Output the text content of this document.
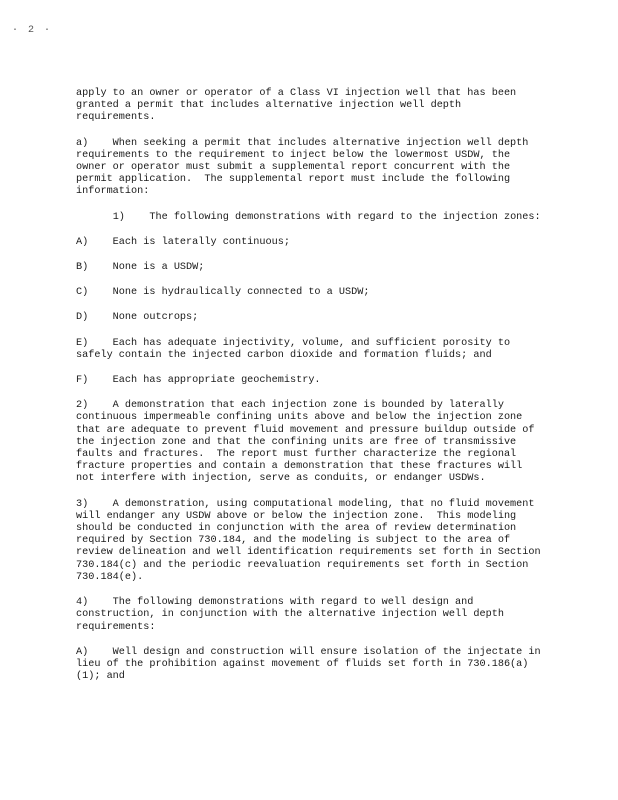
· 2 ·

apply to an owner or operator of a Class VI injection well that has been granted a permit that includes alternative injection well depth requirements.

a)    When seeking a permit that includes alternative injection well depth requirements to the requirement to inject below the lowermost USDW, the owner or operator must submit a supplemental report concurrent with the permit application.  The supplemental report must include the following information:

1)    The following demonstrations with regard to the injection zones:

A)    Each is laterally continuous;

B)    None is a USDW;

C)    None is hydraulically connected to a USDW;

D)    None outcrops;

E)    Each has adequate injectivity, volume, and sufficient porosity to safely contain the injected carbon dioxide and formation fluids; and

F)    Each has appropriate geochemistry.

2)    A demonstration that each injection zone is bounded by laterally continuous impermeable confining units above and below the injection zone that are adequate to prevent fluid movement and pressure buildup outside of the injection zone and that the confining units are free of transmissive faults and fractures.  The report must further characterize the regional fracture properties and contain a demonstration that these fractures will not interfere with injection, serve as conduits, or endanger USDWs.

3)    A demonstration, using computational modeling, that no fluid movement will endanger any USDW above or below the injection zone.  This modeling should be conducted in conjunction with the area of review determination required by Section 730.184, and the modeling is subject to the area of review delineation and well identification requirements set forth in Section 730.184(c) and the periodic reevaluation requirements set forth in Section 730.184(e).

4)    The following demonstrations with regard to well design and construction, in conjunction with the alternative injection well depth requirements:

A)    Well design and construction will ensure isolation of the injectate in lieu of the prohibition against movement of fluids set forth in 730.186(a)(1); and
